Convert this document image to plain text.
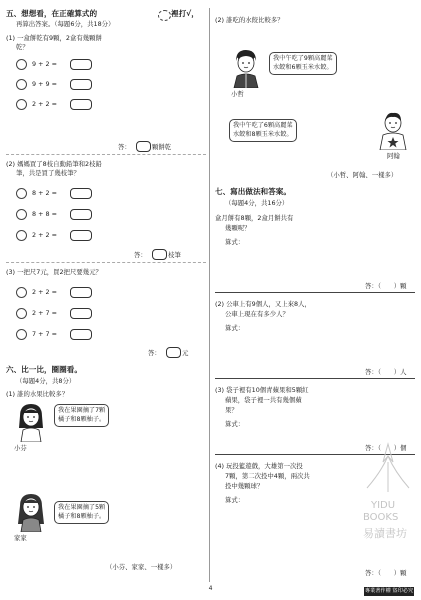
五、想想看，在正確算式的	裡打√，
再算出答案。（每題6分，共18分）
(1) 一盒餅乾有9顆，2盒有幾顆餅
乾？
9 + 2 =
9 + 9 =
2 + 2 =
答：	顆餅乾
(2) 媽媽買了8枝自動鉛筆和2枝鉛
筆，共是買了幾枝筆？
8 + 2 =
8 + 8 =
2 + 2 =
答：	枝筆
(3) 一把尺7元，買2把尺要幾元？
2 + 2 =
2 + 7 =
7 + 7 =
答：	元
六、比一比，圈圈看。
（每題4分，共8分）
(1) 誰的水果比較多？
小芬
我在果園摘了7顆
橘子和8顆柚子。
家家
我在果園摘了5顆
橘子和8顆柚子。
（小芬、家家、一樣多）
(2) 誰吃的水餃比較多？
小哲
我中午吃了9顆高麗菜
水餃和6顆玉米水餃。
我中午吃了6顆高麗菜
水餃和8顆玉米水餃。
阿翰
（小哲、阿翰、一樣多）
七、寫出做法和答案。
（每題4分，共16分）
盒月餅有8顆，2盒月餅共有
幾顆呢？
算式：
答：（　　）顆
(2) 公車上有9個人，又上來8人，
公車上現在有多少人？
算式：
答：（　　）人
(3) 袋子裡有10個青蘋果和5顆紅
蘋果，袋子裡一共有幾個蘋
果？
算式：
答：（　　）個
(4) 玩投籃遊戲，大雄第一次投
7顆，第二次投中4顆，兩次共
投中幾顆球？
算式：
答：（　　）顆
YIDU
BOOKS
易讀書坊
4	專業著作權 盜印必究
